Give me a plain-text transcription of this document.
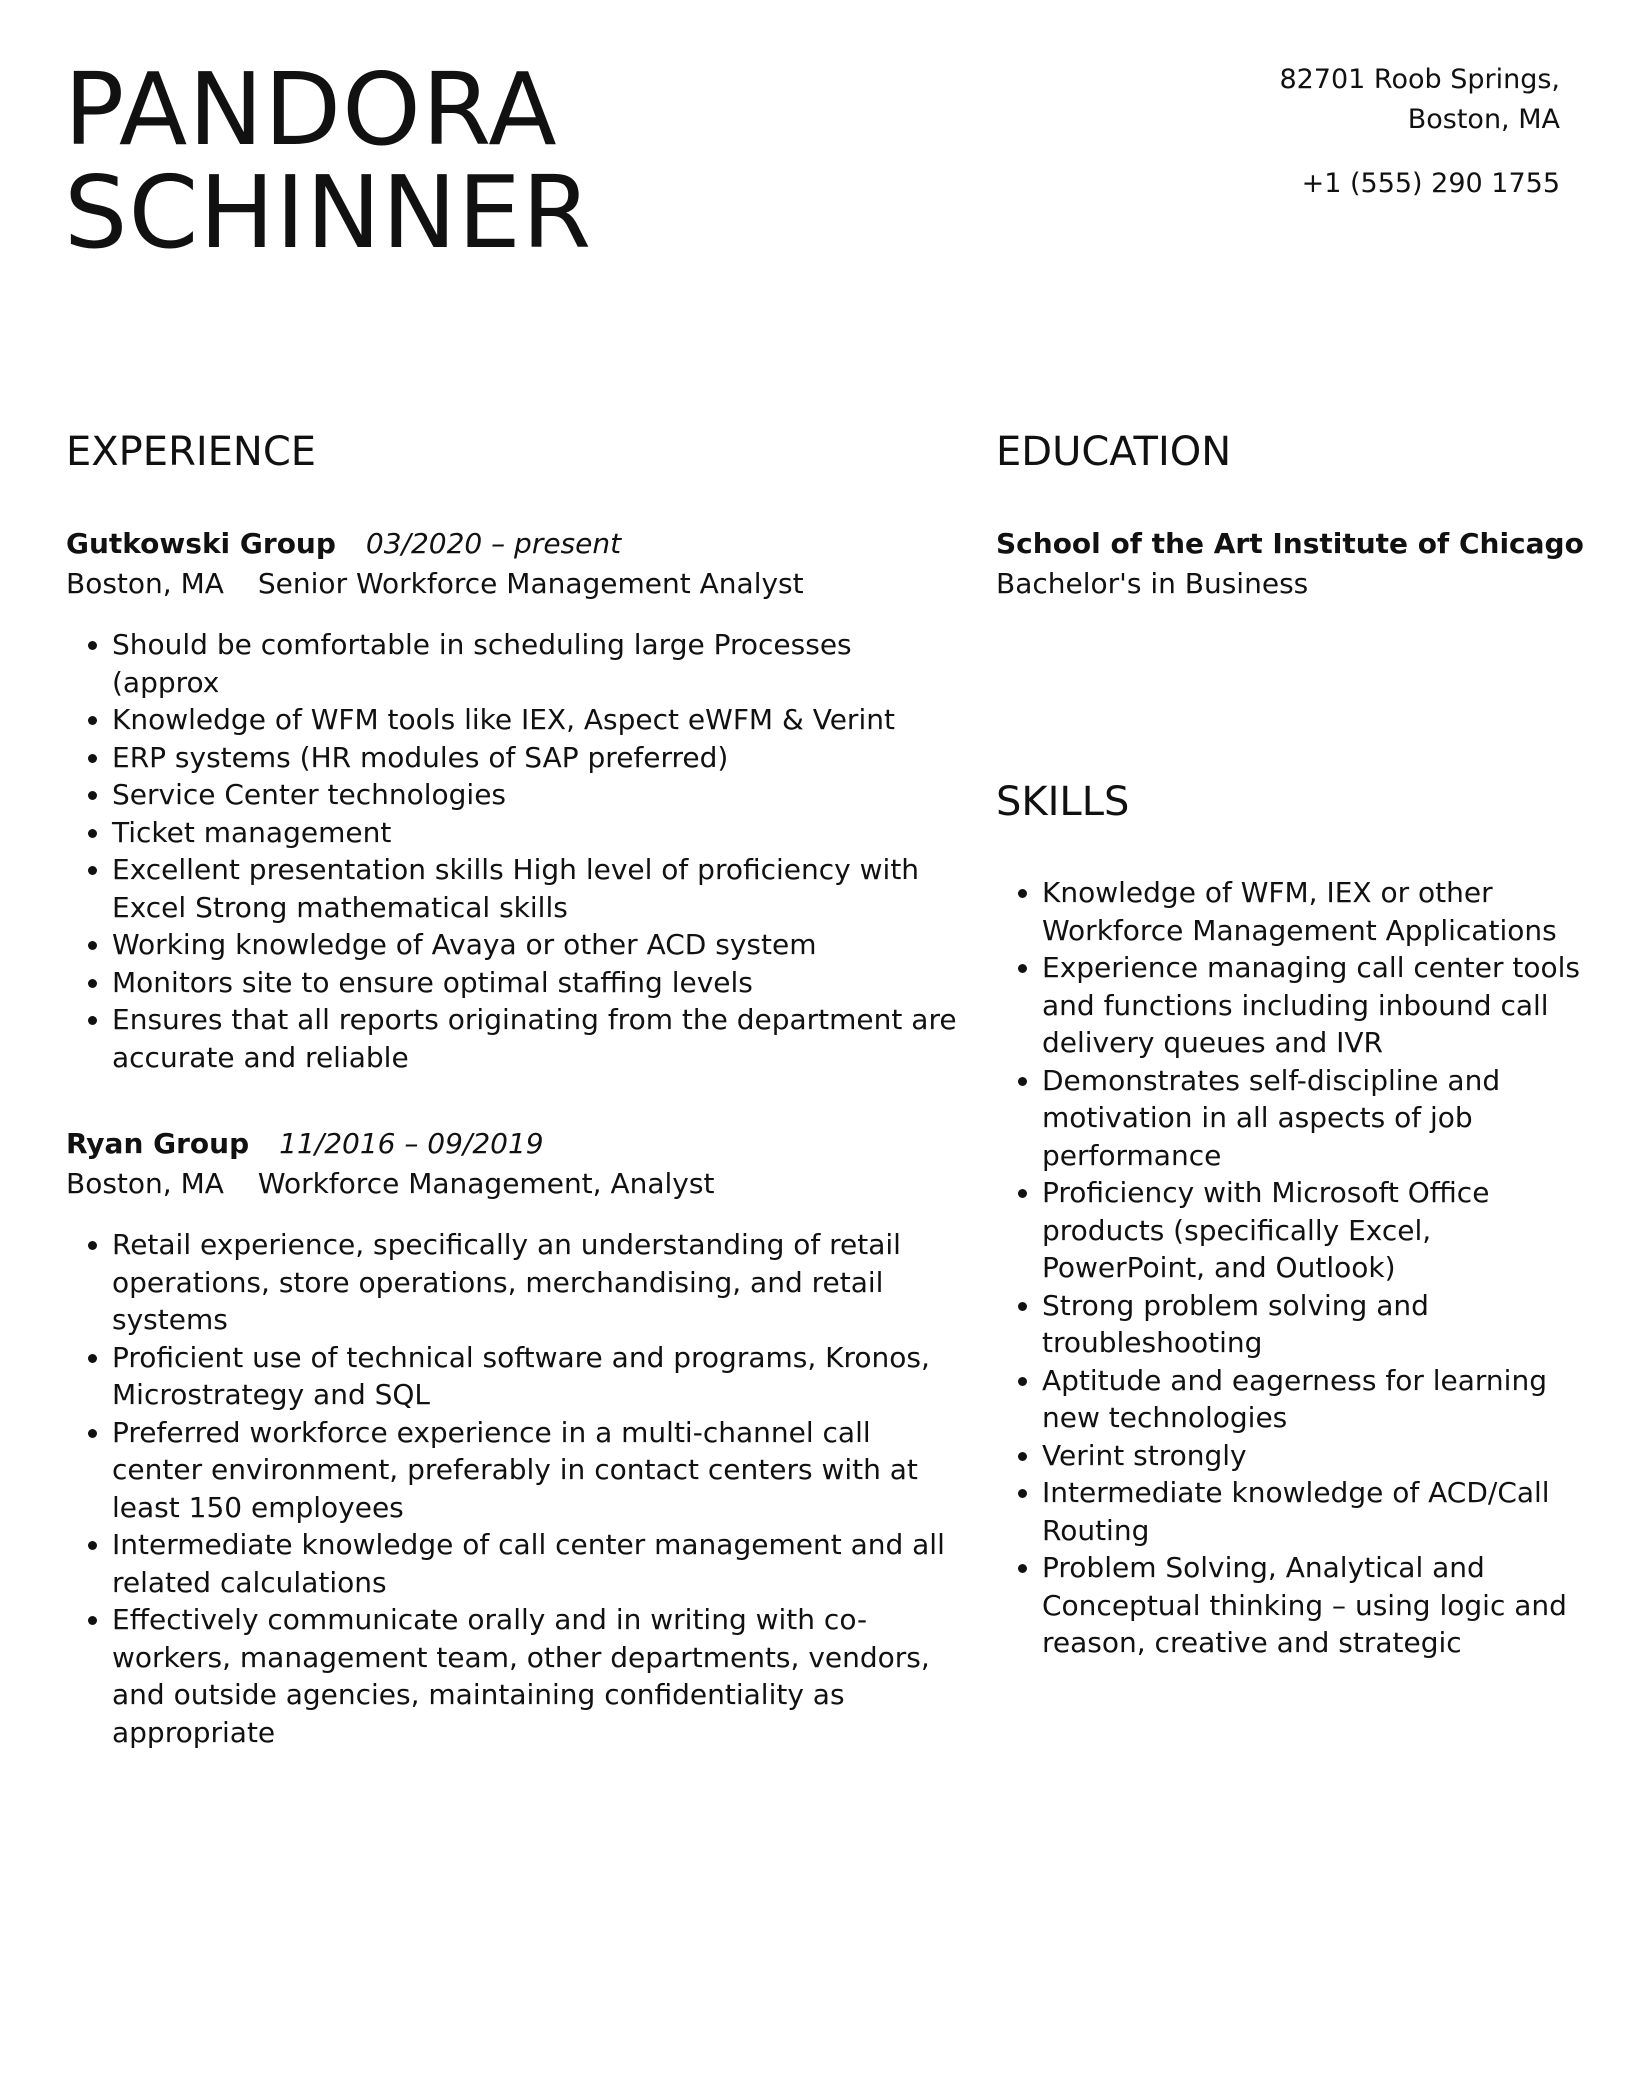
PANDORA
SCHINNER
82701 Roob Springs,
Boston, MA
+1 (555) 290 1755
EXPERIENCE
Gutkowski Group 03/2020 – present
Boston, MA Senior Workforce Management Analyst
• Should be comfortable in scheduling large Processes (approx
• Knowledge of WFM tools like IEX, Aspect eWFM & Verint
• ERP systems (HR modules of SAP preferred)
• Service Center technologies
• Ticket management
• Excellent presentation skills High level of proficiency with Excel Strong mathematical skills
• Working knowledge of Avaya or other ACD system
• Monitors site to ensure optimal staffing levels
• Ensures that all reports originating from the department are accurate and reliable
Ryan Group 11/2016 – 09/2019
Boston, MA Workforce Management, Analyst
• Retail experience, specifically an understanding of retail operations, store operations, merchandising, and retail systems
• Proficient use of technical software and programs, Kronos, Microstrategy and SQL
• Preferred workforce experience in a multi-channel call center environment, preferably in contact centers with at least 150 employees
• Intermediate knowledge of call center management and all related calculations
• Effectively communicate orally and in writing with co-workers, management team, other departments, vendors, and outside agencies, maintaining confidentiality as appropriate
EDUCATION
School of the Art Institute of Chicago
Bachelor's in Business
SKILLS
• Knowledge of WFM, IEX or other Workforce Management Applications
• Experience managing call center tools and functions including inbound call delivery queues and IVR
• Demonstrates self-discipline and motivation in all aspects of job performance
• Proficiency with Microsoft Office products (specifically Excel, PowerPoint, and Outlook)
• Strong problem solving and troubleshooting
• Aptitude and eagerness for learning new technologies
• Verint strongly
• Intermediate knowledge of ACD/Call Routing
• Problem Solving, Analytical and Conceptual thinking – using logic and reason, creative and strategic
